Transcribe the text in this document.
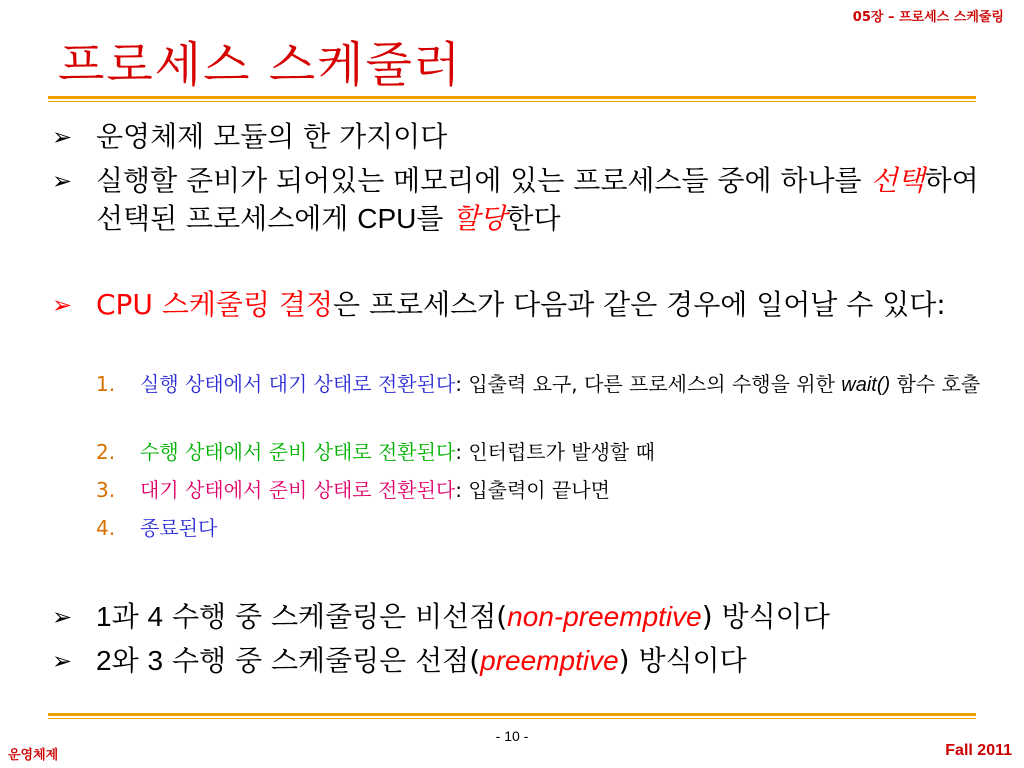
05장 – 프로세스 스케줄링
프로세스 스케줄러
➢ 운영체제 모듈의 한 가지이다
➢ 실행할 준비가 되어있는 메모리에 있는 프로세스들 중에 하나를 선택하여 선택된 프로세스에게 CPU를 할당한다
➢ CPU 스케줄링 결정은 프로세스가 다음과 같은 경우에 일어날 수 있다:
1.	실행 상태에서 대기 상태로 전환된다: 입출력 요구, 다른 프로세스의 수행을 위한 wait() 함수 호출
2.	수행 상태에서 준비 상태로 전환된다: 인터럽트가 발생할 때
3.	대기 상태에서 준비 상태로 전환된다: 입출력이 끝나면
4.	종료된다
➢ 1과 4 수행 중 스케줄링은 비선점(non-preemptive) 방식이다
➢ 2와 3 수행 중 스케줄링은 선점(preemptive) 방식이다
- 10 -
운영체제	Fall 2011
